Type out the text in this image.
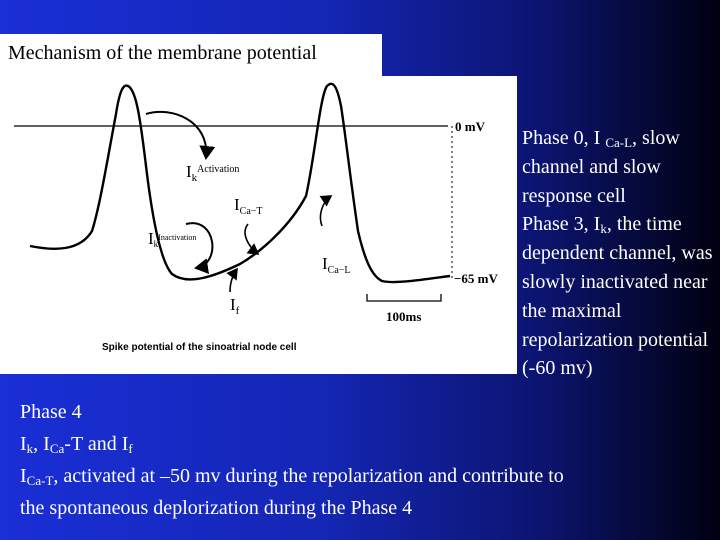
Mechanism of the membrane potential
0 mV
−65 mV
100ms
$I_k^{Activation}$
$I_{Ca-T}$
$Ik^{Inactivation}$
$I_{Ca-L}$
$I_f$
Spike potential of the sinoatrial node cell

Phase 0, I $_{Ca-L}$, slow channel and slow response cell

Phase 3, $I_k$, the time dependent channel, was slowly inactivated near the maximal repolarization potential (-60 mv)

Phase 4

$I_k$, $I_{Ca}-T$ and $I_f$

$I_{Ca-T}$, activated at –50 mv during the repolarization and contribute to

the spontaneous deplorization during the Phase 4
